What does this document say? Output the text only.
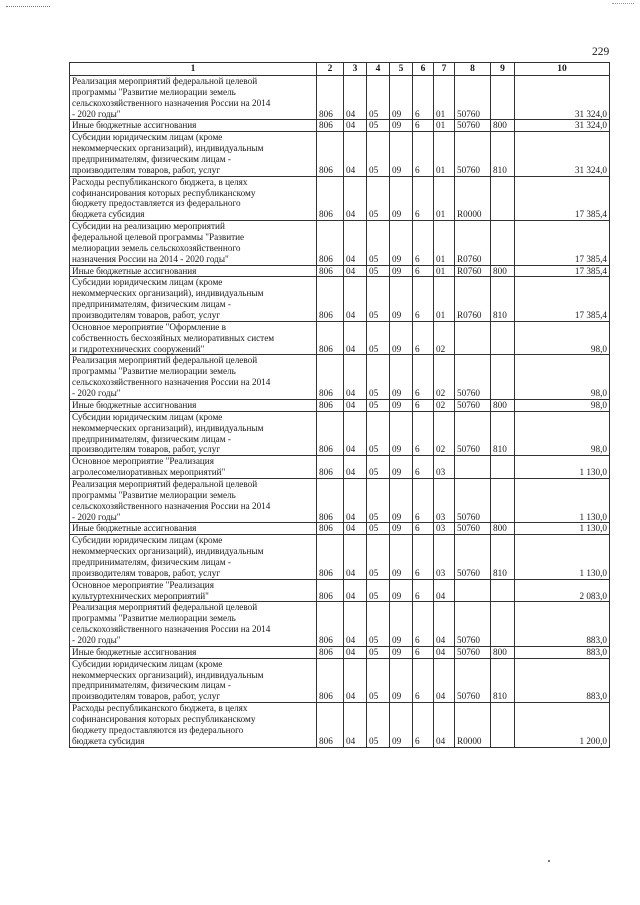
229
1	2	3	4	5	6	7	8	9	10
Реализация мероприятий федеральной целевой
программы "Развитие мелиорации земель
сельскохозяйственного назначения России на 2014
- 2020 годы"	806	04	05	09	6	01	50760		31 324,0
Иные бюджетные ассигнования	806	04	05	09	6	01	50760	800	31 324,0
Субсидии юридическим лицам (кроме
некоммерческих организаций), индивидуальным
предпринимателям, физическим лицам -
производителям товаров, работ, услуг	806	04	05	09	6	01	50760	810	31 324,0
Расходы республиканского бюджета, в целях
софинансирования которых республиканскому
бюджету предоставляется из федерального
бюджета субсидия	806	04	05	09	6	01	R0000		17 385,4
Субсидии на реализацию мероприятий
федеральной целевой программы "Развитие
мелиорации земель сельскохозяйственного
назначения России на 2014 - 2020 годы"	806	04	05	09	6	01	R0760		17 385,4
Иные бюджетные ассигнования	806	04	05	09	6	01	R0760	800	17 385,4
Субсидии юридическим лицам (кроме
некоммерческих организаций), индивидуальным
предпринимателям, физическим лицам -
производителям товаров, работ, услуг	806	04	05	09	6	01	R0760	810	17 385,4
Основное мероприятие "Оформление в
собственность бесхозяйных мелиоративных систем
и гидротехнических сооружений"	806	04	05	09	6	02			98,0
Реализация мероприятий федеральной целевой
программы "Развитие мелиорации земель
сельскохозяйственного назначения России на 2014
- 2020 годы"	806	04	05	09	6	02	50760		98,0
Иные бюджетные ассигнования	806	04	05	09	6	02	50760	800	98,0
Субсидии юридическим лицам (кроме
некоммерческих организаций), индивидуальным
предпринимателям, физическим лицам -
производителям товаров, работ, услуг	806	04	05	09	6	02	50760	810	98,0
Основное мероприятие "Реализация
агролесомелиоративных мероприятий"	806	04	05	09	6	03			1 130,0
Реализация мероприятий федеральной целевой
программы "Развитие мелиорации земель
сельскохозяйственного назначения России на 2014
- 2020 годы"	806	04	05	09	6	03	50760		1 130,0
Иные бюджетные ассигнования	806	04	05	09	6	03	50760	800	1 130,0
Субсидии юридическим лицам (кроме
некоммерческих организаций), индивидуальным
предпринимателям, физическим лицам -
производителям товаров, работ, услуг	806	04	05	09	6	03	50760	810	1 130,0
Основное мероприятие "Реализация
культуртехнических мероприятий"	806	04	05	09	6	04			2 083,0
Реализация мероприятий федеральной целевой
программы "Развитие мелиорации земель
сельскохозяйственного назначения России на 2014
- 2020 годы"	806	04	05	09	6	04	50760		883,0
Иные бюджетные ассигнования	806	04	05	09	6	04	50760	800	883,0
Субсидии юридическим лицам (кроме
некоммерческих организаций), индивидуальным
предпринимателям, физическим лицам -
производителям товаров, работ, услуг	806	04	05	09	6	04	50760	810	883,0
Расходы республиканского бюджета, в целях
софинансирования которых республиканскому
бюджету предоставляются из федерального
бюджета субсидия	806	04	05	09	6	04	R0000		1 200,0
